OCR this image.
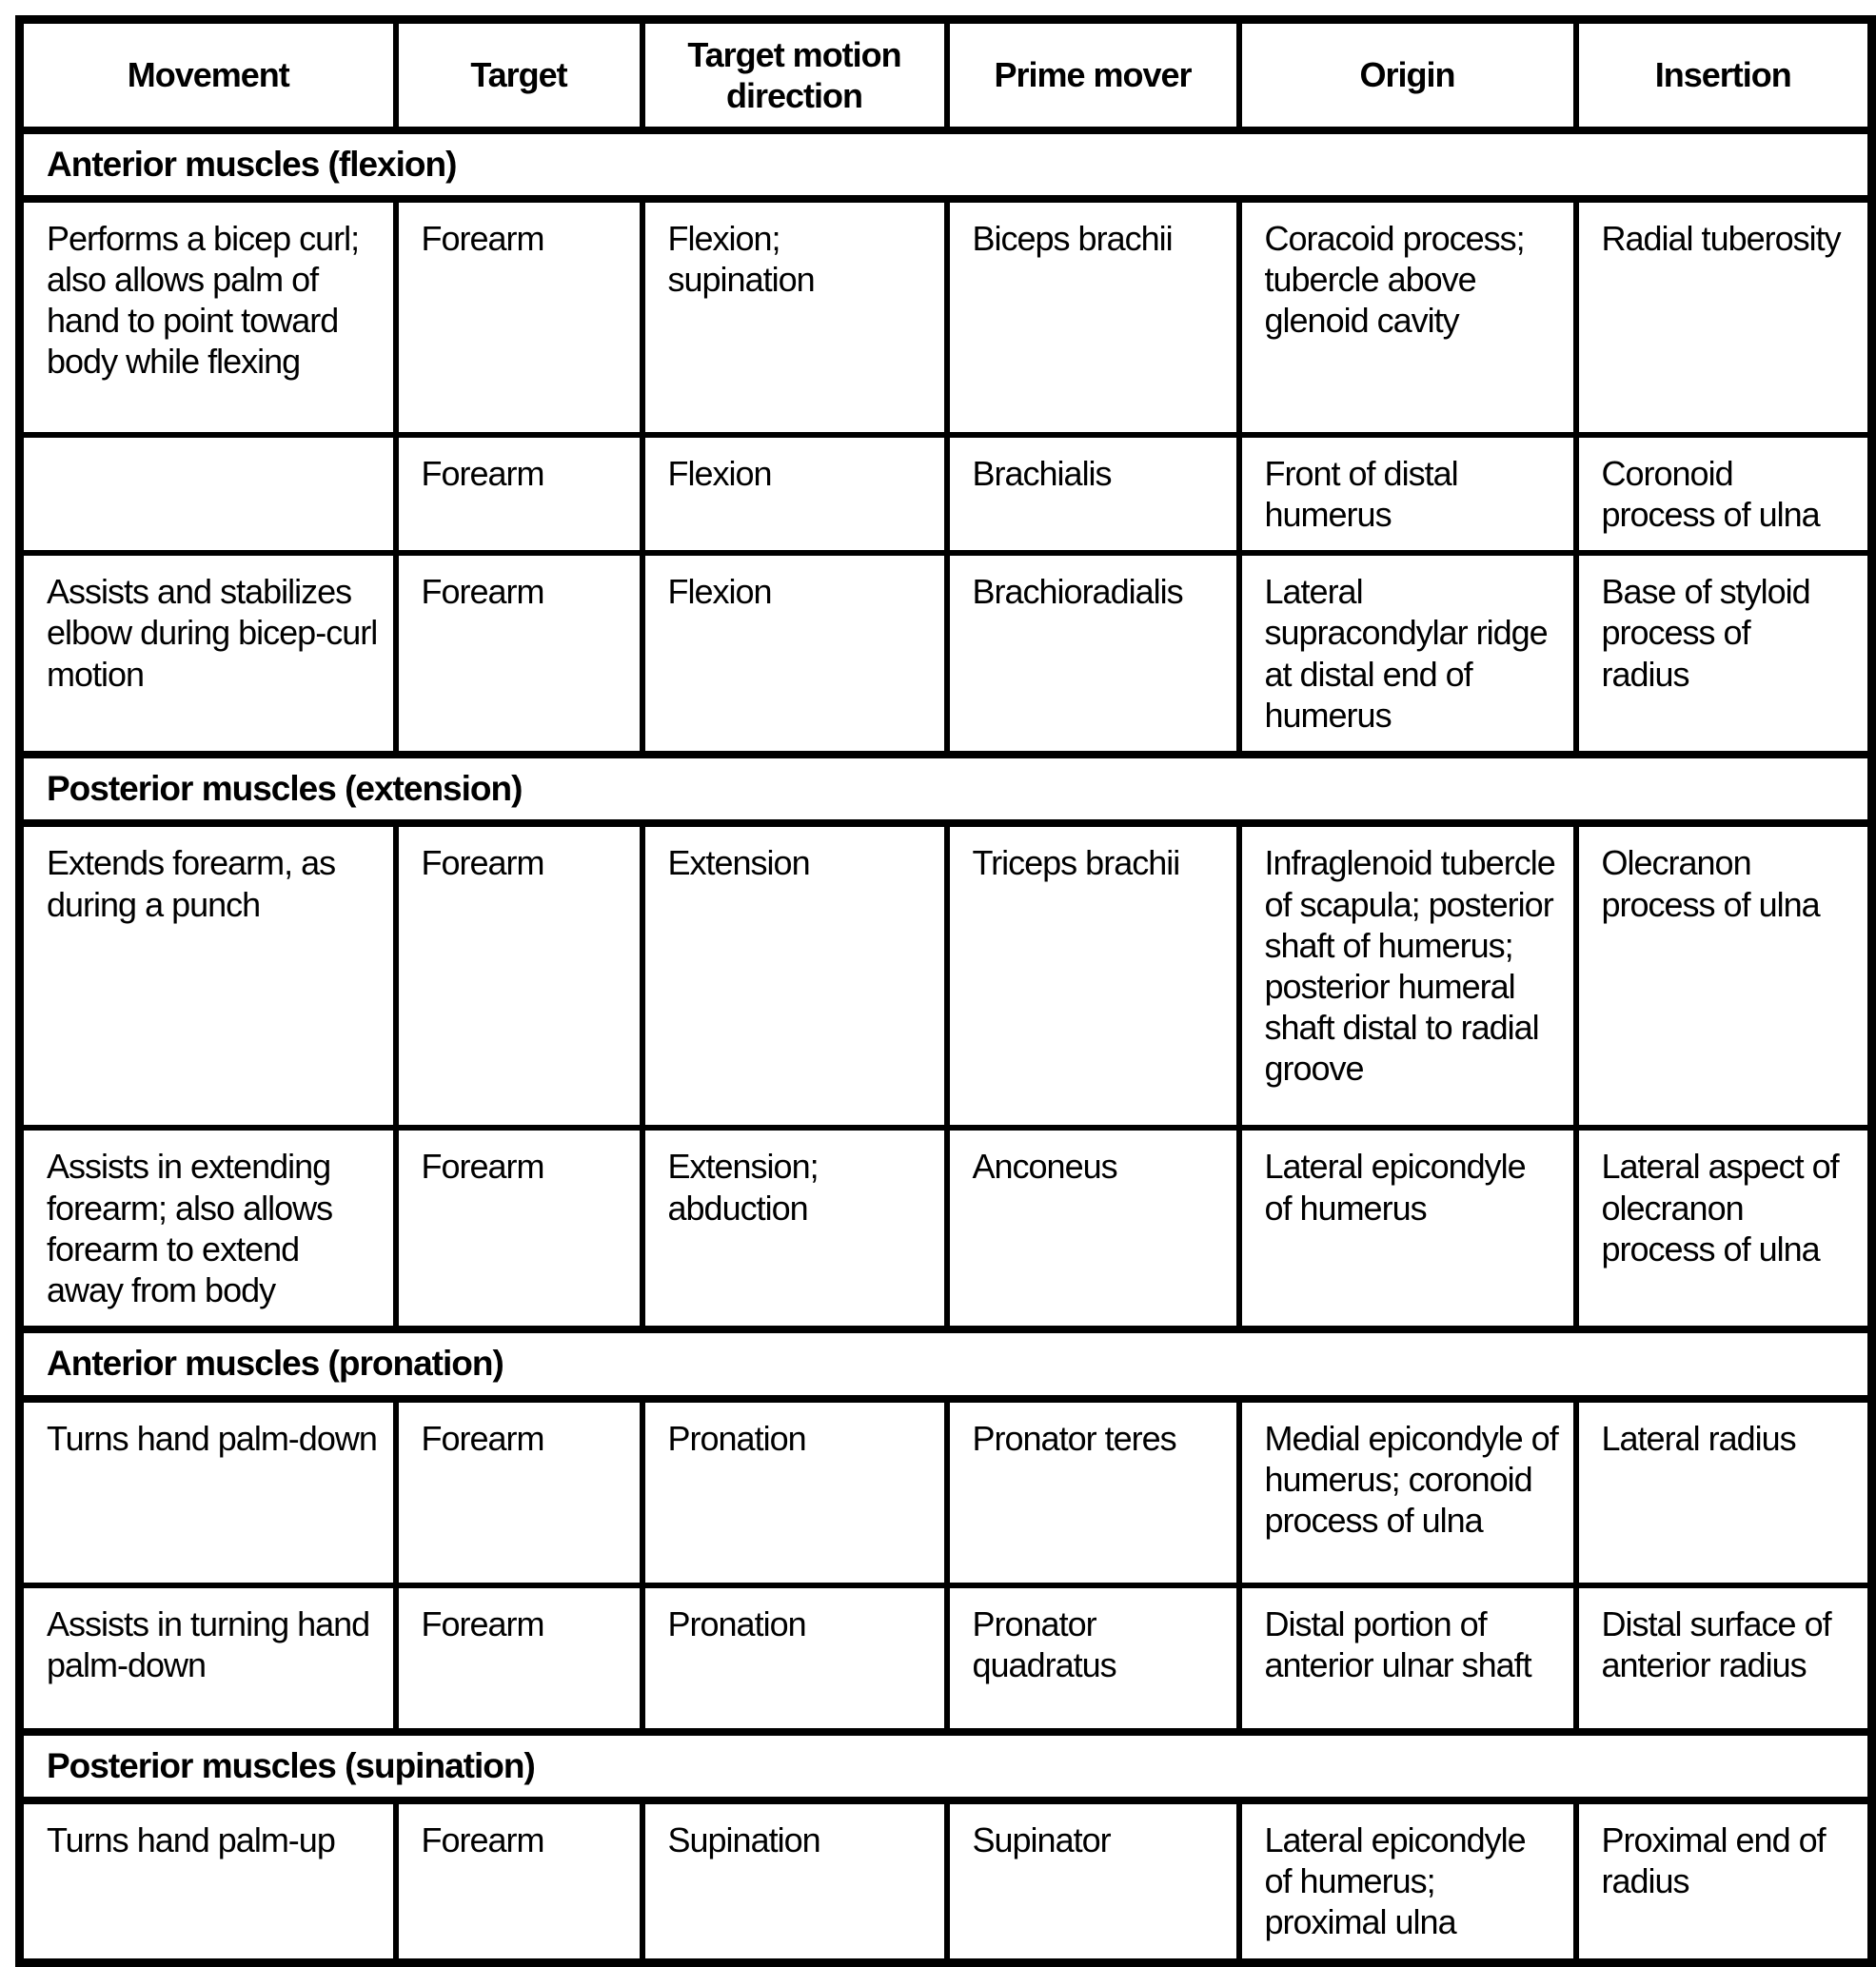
Movement	Target	Target motion direction	Prime mover	Origin	Insertion
Anterior muscles (flexion)					
Performs a bicep curl; also allows palm of hand to point toward body while flexing	Forearm	Flexion; supination	Biceps brachii	Coracoid process; tubercle above glenoid cavity	Radial tuberosity
	Forearm	Flexion	Brachialis	Front of distal humerus	Coronoid process of ulna
Assists and stabilizes elbow during bicep-curl motion	Forearm	Flexion	Brachioradialis	Lateral supracondylar ridge at distal end of humerus	Base of styloid process of radius
Posterior muscles (extension)					
Extends forearm, as during a punch	Forearm	Extension	Triceps brachii	Infraglenoid tubercle of scapula; posterior shaft of humerus; posterior humeral shaft distal to radial groove	Olecranon process of ulna
Assists in extending forearm; also allows forearm to extend away from body	Forearm	Extension; abduction	Anconeus	Lateral epicondyle of humerus	Lateral aspect of olecranon process of ulna
Anterior muscles (pronation)					
Turns hand palm-down	Forearm	Pronation	Pronator teres	Medial epicondyle of humerus; coronoid process of ulna	Lateral radius
Assists in turning hand palm-down	Forearm	Pronation	Pronator quadratus	Distal portion of anterior ulnar shaft	Distal surface of anterior radius
Posterior muscles (supination)					
Turns hand palm-up	Forearm	Supination	Supinator	Lateral epicondyle of humerus; proximal ulna	Proximal end of radius
